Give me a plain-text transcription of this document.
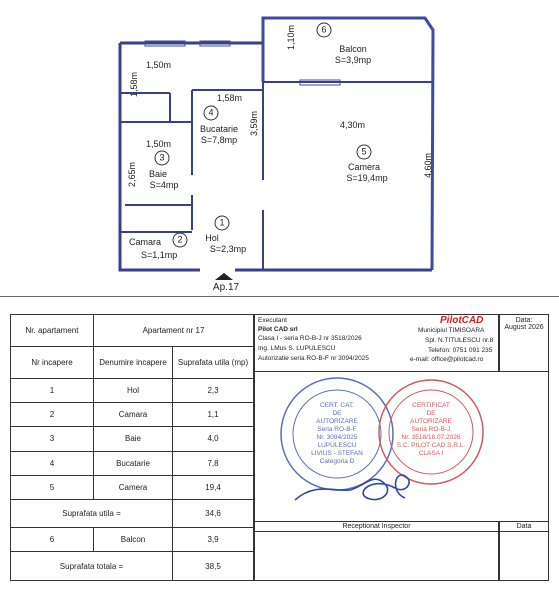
6
Balcon
S=3,9mp
4
Bucatarie
S=7,8mp
3
Baie
S=4mp
5
Camera
S=19,4mp
1
Hol
S=2,3mp
2
Camara
S=1,1mp
1,50m
1,58m
1,58m
3,59m
1,50m
2,65m
1,10m
4,30m
4,60m
Ap.17
Nr. apartament	Apartament nr 17	
Nr incapere	Denumire incapere	Suprafata utila (mp)
1	Hol	2,3
2	Camara	1,1
3	Baie	4,0
4	Bucatarie	7,8
5	Camera	19,4
Suprafata utila =		34,6
6	Balcon	3,9
Suprafata totala =		38,5
Executant
Pilot CAD srl
Clasa I - seria RO-B-J nr 3518/2026
Ing. LMus S. LUPULESCU
Autorizatie seria RO-B-F nr 3094/2025
PilotCAD
Municipiul TIMISOARA
Spl. N.TITULESCU nr.8
Telefon: 0751 091 235
e-mail: office@pilotcad.ro
Data:
August 2026
CERT. CAT.
DE
AUTORIZARE
Seria RO-B-F
Nr. 3094/2025
LUPULESCU
LIVIUS - STEFAN
Categoria D
CERTIFICAT
DE
AUTORIZARE
Seria RO-B-J
Nr. 3518/18.07.2026
S.C. PILOT CAD S.R.L.
CLASA I
Receptionat Inspector	Data
